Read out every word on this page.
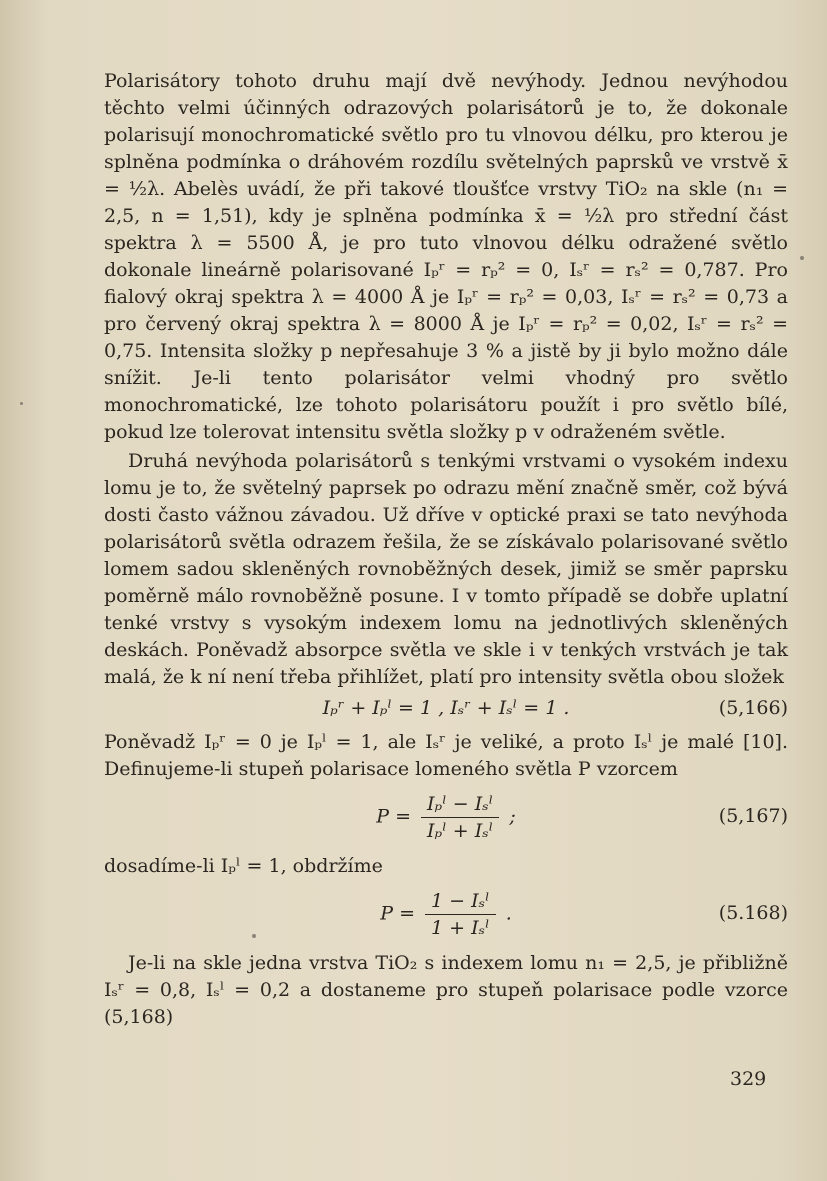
Polarisátory tohoto druhu mají dvě nevýhody. Jednou nevýhodou těchto velmi účinných odrazových polarisátorů je to, že dokonale polarisují monochromatické světlo pro tu vlnovou délku, pro kterou je splněna podmínka o dráhovém rozdílu světelných paprsků ve vrstvě x̄ = ½λ. Abelès uvádí, že při takové tloušťce vrstvy TiO₂ na skle (n₁ = 2,5, n = 1,51), kdy je splněna podmínka x̄ = ½λ pro střední část spektra λ = 5500 Å, je pro tuto vlnovou délku odražené světlo dokonale lineárně polarisované Iₚʳ = rₚ² = 0, Iₛʳ = rₛ² = 0,787. Pro fialový okraj spektra λ = 4000 Å je Iₚʳ = rₚ² = 0,03, Iₛʳ = rₛ² = 0,73 a pro červený okraj spektra λ = 8000 Å je Iₚʳ = rₚ² = 0,02, Iₛʳ = rₛ² = 0,75. Intensita složky p nepřesahuje 3 % a jistě by ji bylo možno dále snížit. Je-li tento polarisátor velmi vhodný pro světlo monochromatické, lze tohoto polarisátoru použít i pro světlo bílé, pokud lze tolerovat intensitu světla složky p v odraženém světle.

Druhá nevýhoda polarisátorů s tenkými vrstvami o vysokém indexu lomu je to, že světelný paprsek po odrazu mění značně směr, což bývá dosti často vážnou závadou. Už dříve v optické praxi se tato nevýhoda polarisátorů světla odrazem řešila, že se získávalo polarisované světlo lomem sadou skleněných rovnoběžných desek, jimiž se směr paprsku poměrně málo rovnoběžně posune. I v tomto případě se dobře uplatní tenké vrstvy s vysokým indexem lomu na jednotlivých skleněných deskách. Poněvadž absorpce světla ve skle i v tenkých vrstvách je tak malá, že k ní není třeba přihlížet, platí pro intensity světla obou složek

Iₚʳ + Iₚˡ = 1 , Iₛʳ + Iₛˡ = 1 .	(5,166)

Poněvadž Iₚʳ = 0 je Iₚˡ = 1, ale Iₛʳ je veliké, a proto Iₛˡ je malé [10]. Definujeme-li stupeň polarisace lomeného světla P vzorcem

$P = \frac{\text{Iₚˡ − Iₛˡ}}{\text{Iₚˡ + Iₛˡ}}$ ;	(5,167)

dosadíme-li Iₚˡ = 1, obdržíme

$P = \frac{\text{1 − Iₛˡ}}{\text{1 + Iₛˡ}}$ .	(5.168)

Je-li na skle jedna vrstva TiO₂ s indexem lomu n₁ = 2,5, je přibližně Iₛʳ = 0,8, Iₛˡ = 0,2 a dostaneme pro stupeň polarisace podle vzorce (5,168)

329
